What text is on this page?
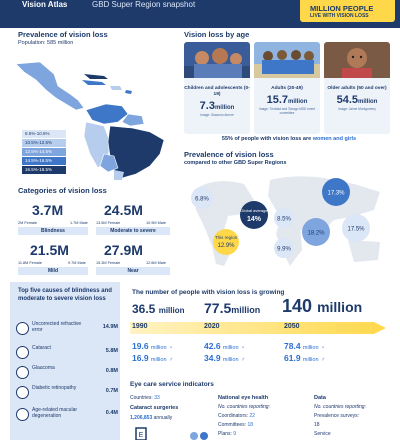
Vision Atlas	GBD Super Region snapshot	MILLION PEOPLE
LIVE WITH VISION LOSS
Prevalence of vision loss
Population: 585 million
8.5%-10.5%
10.5%-12.5%
12.5%-14.5%
14.5%-16.5%
16.5%-18.5%
Vision loss by age
Children and adolescents (0-19)
7.3million
Image: Giacomo Amore
Adults (20-49)
15.7million
Image: Trinidad and Tobago MSD event committee
Older adults (50 and over)
54.5million
Image: Jaime Montgomery
55% of people with vision loss are women and girls
Prevalence of vision loss
compared to other GBD Super Regions
6.8%
17.3%
8.5%
18.2%
17.5%
9.9%
Global average
14%
This region
12.9%
Categories of vision loss
3.7M
2M Female	1.7M Male
Blindness
24.5M
13.5M Female	10.9M Male
Moderate to severe
21.5M
11.8M Female	9.7M Male
Mild
27.9M
15.3M Female	12.6M Male
Near
Top five causes of blindness and moderate to severe vision loss
Uncorrected refractive error	14.9M
Cataract	5.8M
Glaucoma	0.8M
Diabetic retinopathy	0.7M
Age-related macular degeneration	0.4M
The number of people with vision loss is growing
36.5 million 77.5million 140 million
1990	2020	2050
19.6 million ♀
16.9 million ♂
42.6 million ♀
34.9 million ♂
78.4 million ♀
61.9 million ♂
Eye care service indicators
Countries: 33
Cataract surgeries
1,206,853 annually
E
National eye health
No. countries reporting:
Coordinators: 22
Committees: 18
Plans: 9
Data
No. countries reporting:
Prevalence surveys:
18
Service
